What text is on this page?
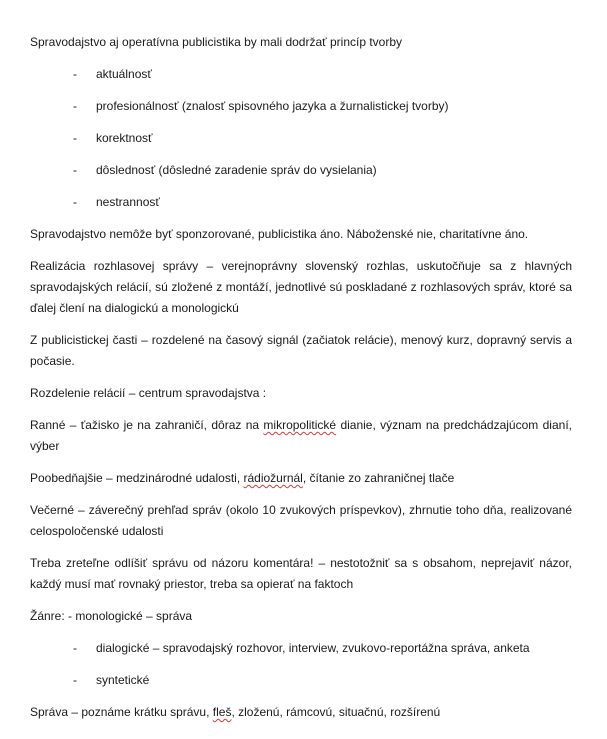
Spravodajstvo aj operatívna publicistika by mali dodržať princíp tvorby

- aktuálnosť
- profesionálnosť (znalosť spisovného jazyka a žurnalistickej tvorby)
- korektnosť
- dôslednosť (dôsledné zaradenie správ do vysielania)
- nestrannosť

Spravodajstvo nemôže byť sponzorované, publicistika áno. Náboženské nie, charitatívne áno.

Realizácia rozhlasovej správy – verejnoprávny slovenský rozhlas, uskutočňuje sa z hlavných spravodajských relácií, sú zložené z montáží, jednotlivé sú poskladané z rozhlasových správ, ktoré sa ďalej člení na dialogickú a monologickú

Z publicistickej časti – rozdelené na časový signál (začiatok relácie), menový kurz, dopravný servis a počasie.

Rozdelenie relácií – centrum spravodajstva :

Ranné – ťažisko je na zahraničí, dôraz na mikropolitické dianie, význam na predchádzajúcom dianí, výber

Poobedňajšie – medzinárodné udalosti, rádiožurnál, čítanie zo zahraničnej tlače

Večerné – záverečný prehľad správ (okolo 10 zvukových príspevkov), zhrnutie toho dňa, realizované celospoločenské udalosti

Treba zreteľne odlíšiť správu od názoru komentára! – nestotožniť sa s obsahom, neprejaviť názor, každý musí mať rovnaký priestor, treba sa opierať na faktoch

Žánre: - monologické – správa

- dialogické – spravodajský rozhovor, interview, zvukovo-reportážna správa, anketa
- syntetické

Správa – poznáme krátku správu, fleš, zloženú, rámcovú, situačnú, rozšírenú
